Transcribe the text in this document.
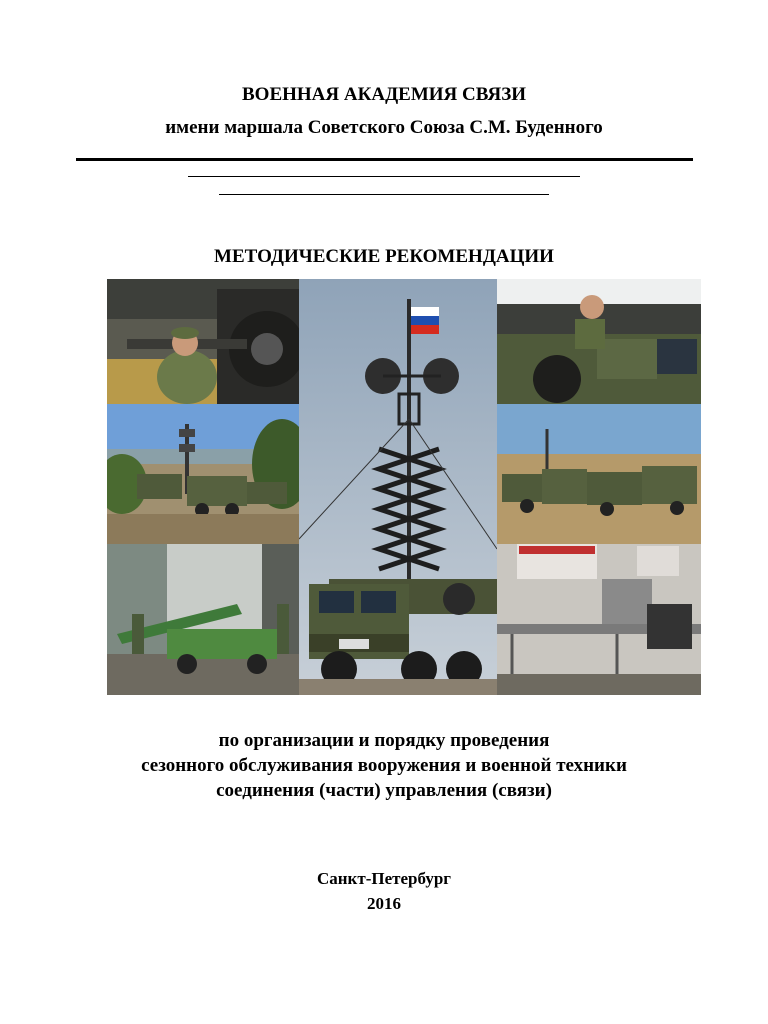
ВОЕННАЯ АКАДЕМИЯ СВЯЗИ
имени маршала Советского Союза С.М. Буденного
МЕТОДИЧЕСКИЕ РЕКОМЕНДАЦИИ
по организации и порядку проведения
сезонного обслуживания вооружения и военной техники
соединения (части) управления (связи)
Санкт-Петербург
2016
